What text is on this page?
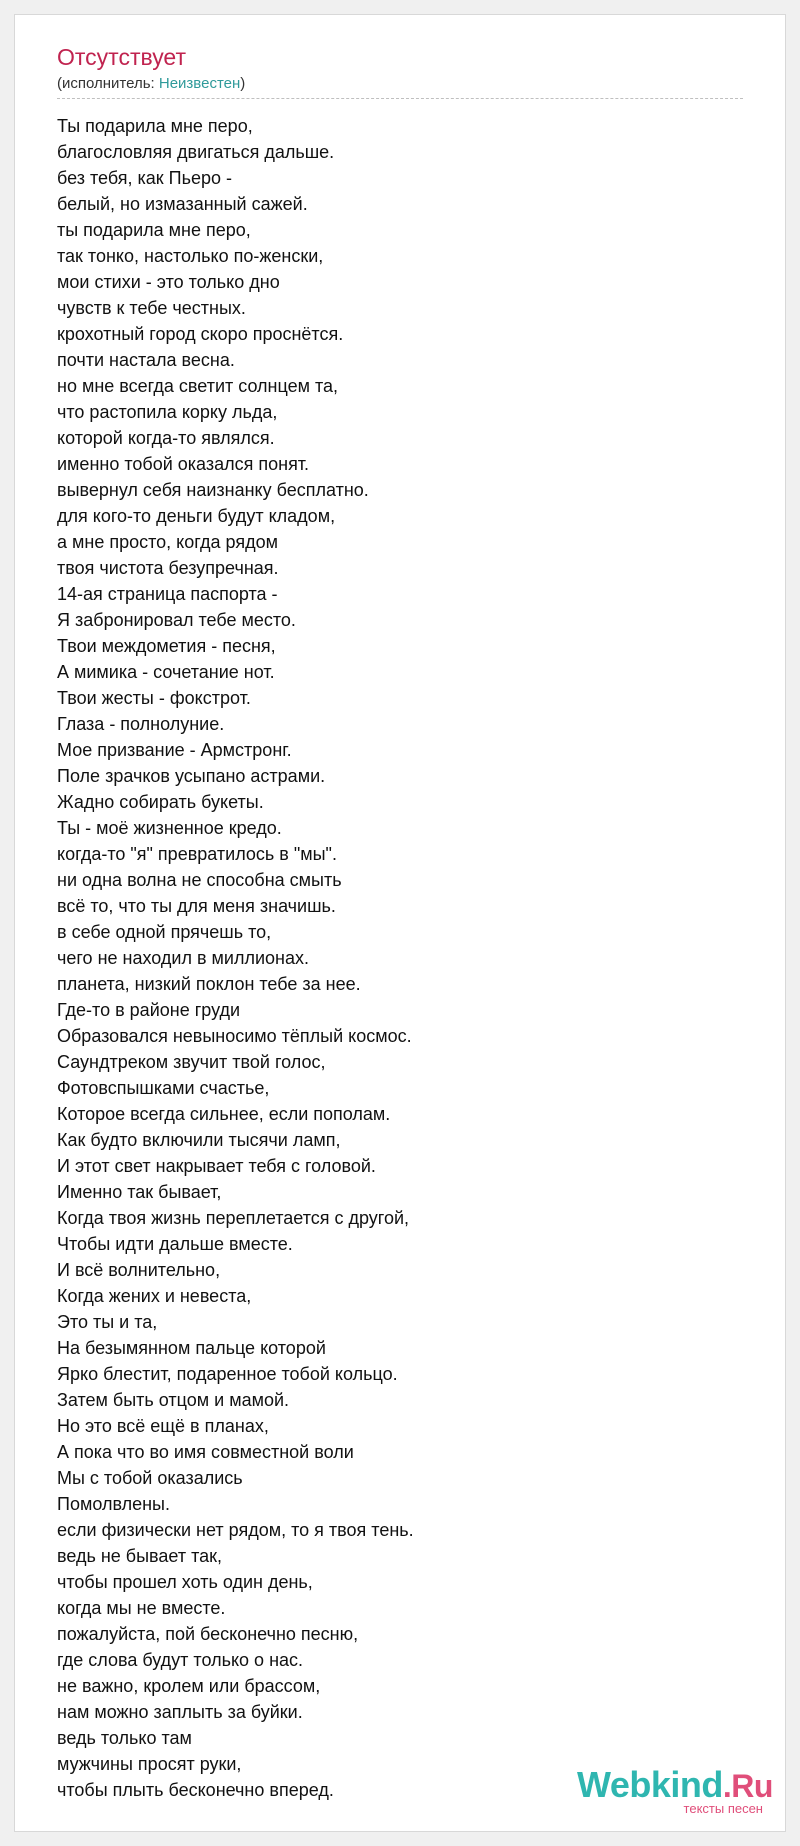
Отсутствует
(исполнитель: Неизвестен)
Ты подарила мне перо,
благословляя двигаться дальше.
без тебя, как Пьеро -
белый, но измазанный сажей.
ты подарила мне перо,
так тонко, настолько по-женски,
мои стихи - это только дно
чувств к тебе честных.
крохотный город скоро проснётся.
почти настала весна.
но мне всегда светит солнцем та,
что растопила корку льда,
которой когда-то являлся.
именно тобой оказался понят.
вывернул себя наизнанку бесплатно.
для кого-то деньги будут кладом,
а мне просто, когда рядом
твоя чистота безупречная.
14-ая страница паспорта -
Я забронировал тебе место.
Твои междометия - песня,
А мимика - сочетание нот.
Твои жесты - фокстрот.
Глаза - полнолуние.
Мое призвание - Армстронг.
Поле зрачков усыпано астрами.
Жадно собирать букеты.
Ты - моё жизненное кредо.
когда-то "я" превратилось в "мы".
ни одна волна не способна смыть
всё то, что ты для меня значишь.
в себе одной прячешь то,
чего не находил в миллионах.
планета, низкий поклон тебе за нее.
Где-то в районе груди
Образовался невыносимо тёплый космос.
Саундтреком звучит твой голос,
Фотовспышками счастье,
Которое всегда сильнее, если пополам.
Как будто включили тысячи ламп,
И этот свет накрывает тебя с головой.
Именно так бывает,
Когда твоя жизнь переплетается с другой,
Чтобы идти дальше вместе.
И всё волнительно,
Когда жених и невеста,
Это ты и та,
На безымянном пальце которой
Ярко блестит, подаренное тобой кольцо.
Затем быть отцом и мамой.
Но это всё ещё в планах,
А пока что во имя совместной воли
Мы с тобой оказались
Помолвлены.
если физически нет рядом, то я твоя тень.
ведь не бывает так,
чтобы прошел хоть один день,
когда мы не вместе.
пожалуйста, пой бесконечно песню,
где слова будут только о нас.
не важно, кролем или брассом,
нам можно заплыть за буйки.
ведь только там
мужчины просят руки,
чтобы плыть бесконечно вперед.	Webkind.Ru
тексты песен
